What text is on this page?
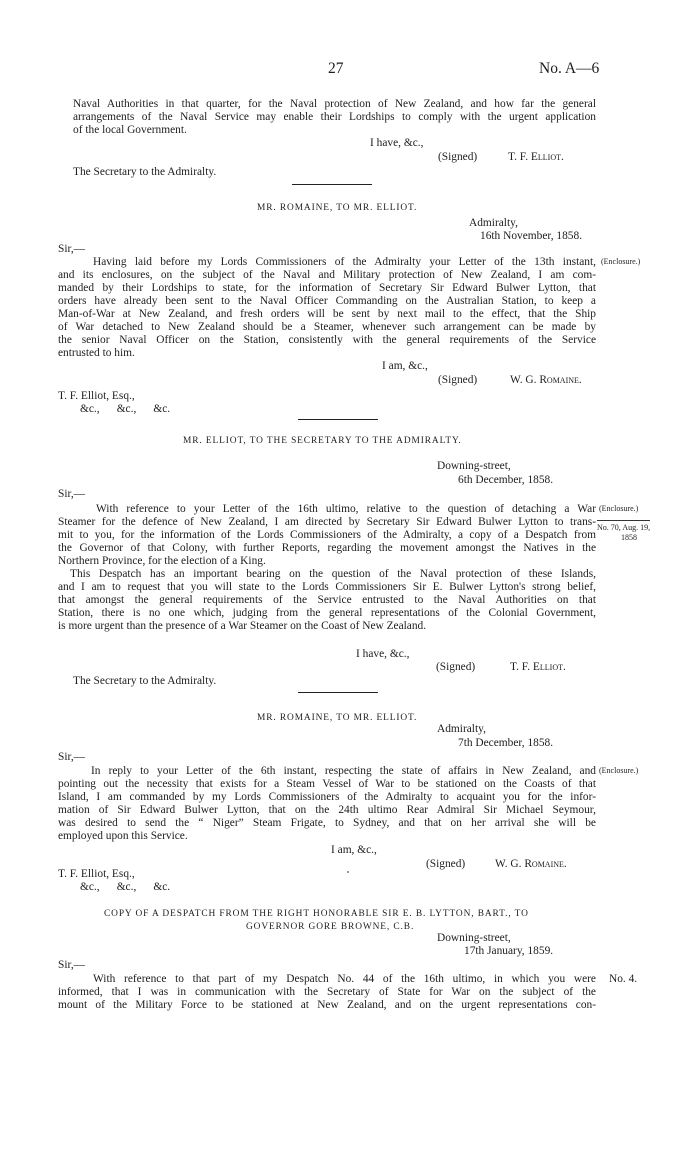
27	No. A—6
Naval Authorities in that quarter, for the Naval protection of New Zealand, and how far the general
arrangements of the Naval Service may enable their Lordships to comply with the urgent application
of the local Government.
I have, &c.,
(Signed)	T. F. Elliot.
The Secretary to the Admiralty.
MR. ROMAINE, TO MR. ELLIOT.
Admiralty,
16th November, 1858.
Sir,—
Having laid before my Lords Commissioners of the Admiralty your Letter of the 13th instant, (Enclosure.)
and its enclosures, on the subject of the Naval and Military protection of New Zealand, I am com-
manded by their Lordships to state, for the information of Secretary Sir Edward Bulwer Lytton, that
orders have already been sent to the Naval Officer Commanding on the Australian Station, to keep a
Man-of-War at New Zealand, and fresh orders will be sent by next mail to the effect, that the Ship
of War detached to New Zealand should be a Steamer, whenever such arrangement can be made by
the senior Naval Officer on the Station, consistently with the general requirements of the Service
entrusted to him.
I am, &c.,
(Signed)	W. G. Romaine.
T. F. Elliot, Esq.,
&c.,      &c.,      &c.
MR. ELLIOT, TO THE SECRETARY TO THE ADMIRALTY.
Downing-street,
6th December, 1858.
Sir,—
With reference to your Letter of the 16th ultimo, relative to the question of detaching a War (Enclosure.)
Steamer for the defence of New Zealand, I am directed by Secretary Sir Edward Bulwer Lytton to trans- No. 70, Aug. 19,
mit to you, for the information of the Lords Commissioners of the Admiralty, a copy of a Despatch from	1858
the Governor of that Colony, with further Reports, regarding the movement amongst the Natives in the
Northern Province, for the election of a King.
This Despatch has an important bearing on the question of the Naval protection of these Islands,
and I am to request that you will state to the Lords Commissioners Sir E. Bulwer Lytton's strong belief,
that amongst the general requirements of the Service entrusted to the Naval Authorities on that
Station, there is no one which, judging from the general representations of the Colonial Government,
is more urgent than the presence of a War Steamer on the Coast of New Zealand.
I have, &c.,
(Signed)	T. F. Elliot.
The Secretary to the Admiralty.
MR. ROMAINE, TO MR. ELLIOT.
Admiralty,
7th December, 1858.
Sir,—
In reply to your Letter of the 6th instant, respecting the state of affairs in New Zealand, and (Enclosure.)
pointing out the necessity that exists for a Steam Vessel of War to be stationed on the Coasts of that
Island, I am commanded by my Lords Commissioners of the Admiralty to acquaint you for the infor-
mation of Sir Edward Bulwer Lytton, that on the 24th ultimo Rear Admiral Sir Michael Seymour,
was desired to send the “ Niger” Steam Frigate, to Sydney, and that on her arrival she will be
employed upon this Service.
I am, &c.,
(Signed)	W. G. Romaine.
T. F. Elliot, Esq.,
&c.,      &c.,      &c.
COPY OF A DESPATCH FROM THE RIGHT HONORABLE SIR E. B. LYTTON, BART., TO
GOVERNOR GORE BROWNE, C.B.
Downing-street,
17th January, 1859.
Sir,—
With reference to that part of my Despatch No. 44 of the 16th ultimo, in which you were No. 4.
informed, that I was in communication with the Secretary of State for War on the subject of the
mount of the Military Force to be stationed at New Zealand, and on the urgent representations con-
